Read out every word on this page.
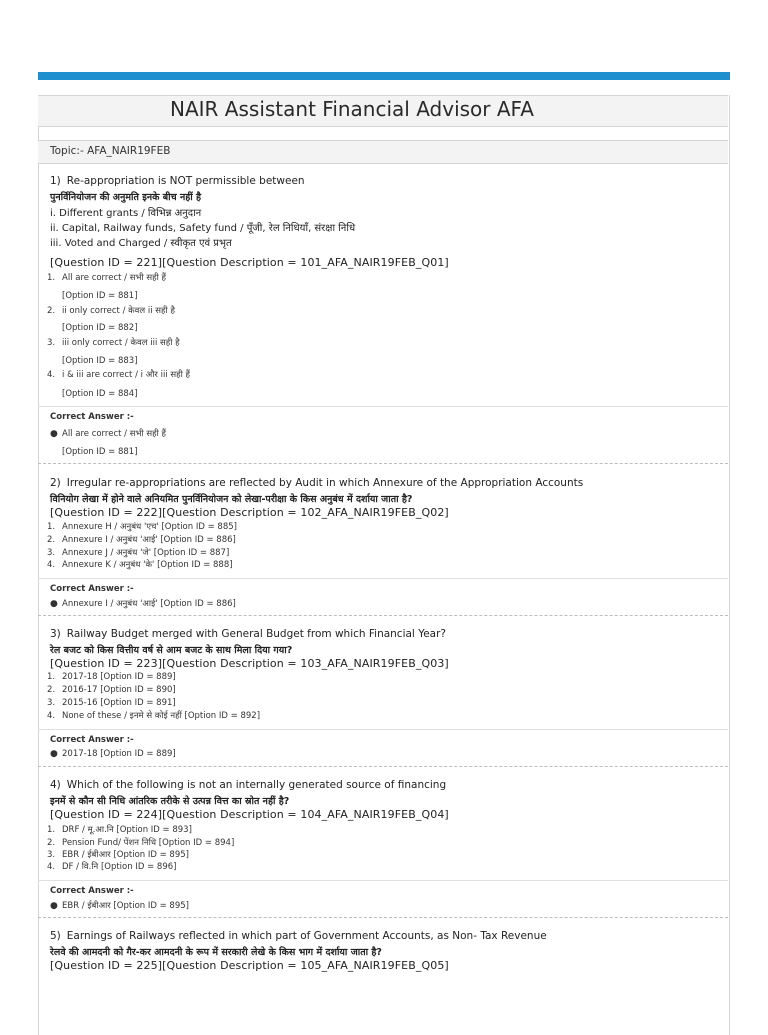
NAIR Assistant Financial Advisor AFA
Topic:- AFA_NAIR19FEB
1) Re-appropriation is NOT permissible between
पुनर्विनियोजन की अनुमति इनके बीच नहीं है
i. Different grants / विभिन्न अनुदान
ii. Capital, Railway funds, Safety fund / पूँजी, रेल निधियाँ, संरक्षा निधि
iii. Voted and Charged / स्वीकृत एवं प्रभृत
[Question ID = 221][Question Description = 101_AFA_NAIR19FEB_Q01]
1. All are correct / सभी सही हैं
[Option ID = 881]
2. ii only correct / केवल ii सही है
[Option ID = 882]
3. iii only correct / केवल iii सही है
[Option ID = 883]
4. i & iii are correct / i और iii सही हैं
[Option ID = 884]
Correct Answer :-
● All are correct / सभी सही हैं
[Option ID = 881]
2) Irregular re-appropriations are reflected by Audit in which Annexure of the Appropriation Accounts
विनियोग लेखा में होने वाले अनियमित पुनर्विनियोजन को लेखा-परीक्षा के किस अनुबंध में दर्शाया जाता है?
[Question ID = 222][Question Description = 102_AFA_NAIR19FEB_Q02]
1. Annexure H / अनुबंध 'एच' [Option ID = 885]
2. Annexure I / अनुबंध 'आई' [Option ID = 886]
3. Annexure J / अनुबंध 'जे' [Option ID = 887]
4. Annexure K / अनुबंध 'के' [Option ID = 888]
Correct Answer :-
● Annexure I / अनुबंध 'आई' [Option ID = 886]
3) Railway Budget merged with General Budget from which Financial Year?
रेल बजट को किस वित्तीय वर्ष से आम बजट के साथ मिला दिया गया?
[Question ID = 223][Question Description = 103_AFA_NAIR19FEB_Q03]
1. 2017-18 [Option ID = 889]
2. 2016-17 [Option ID = 890]
3. 2015-16 [Option ID = 891]
4. None of these / इनमे से कोई नहीं [Option ID = 892]
Correct Answer :-
● 2017-18 [Option ID = 889]
4) Which of the following is not an internally generated source of financing
इनमें से कौन सी निधि आंतरिक तरीके से उत्पन्न वित्त का स्रोत नहीं है?
[Question ID = 224][Question Description = 104_AFA_NAIR19FEB_Q04]
1. DRF / मू.आ.नि [Option ID = 893]
2. Pension Fund/ पेंशन निधि [Option ID = 894]
3. EBR / ईबीआर [Option ID = 895]
4. DF / वि.नि [Option ID = 896]
Correct Answer :-
● EBR / ईबीआर [Option ID = 895]
5) Earnings of Railways reflected in which part of Government Accounts, as Non- Tax Revenue
रेलवे की आमदनी को गैर-कर आमदनी के रूप में सरकारी लेखे के किस भाग में दर्शाया जाता है?
[Question ID = 225][Question Description = 105_AFA_NAIR19FEB_Q05]
